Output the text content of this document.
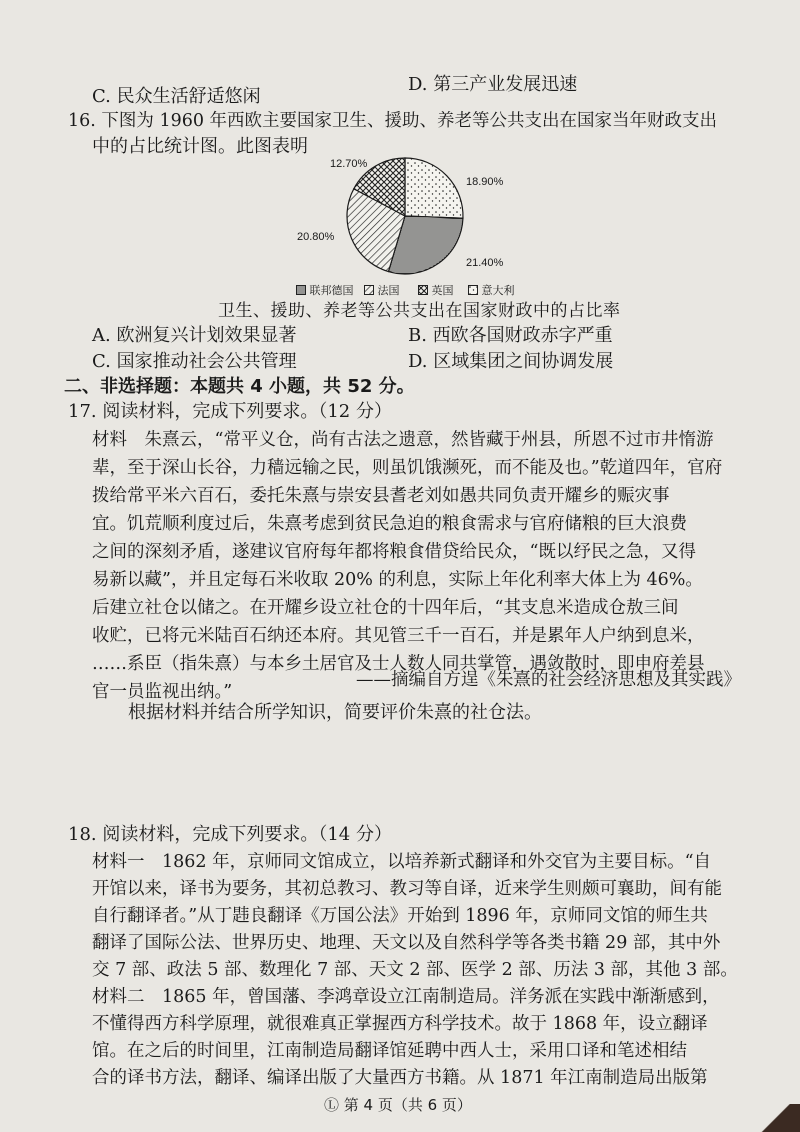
C. 民众生活舒适悠闲
D. 第三产业发展迅速
16. 下图为 1960 年西欧主要国家卫生、援助、养老等公共支出在国家当年财政支出
中的占比统计图。此图表明
18.90%
21.40%
20.80%
12.70%
联邦德国	法国	英国	意大利
卫生、援助、养老等公共支出在国家财政中的占比率
A. 欧洲复兴计划效果显著	B. 西欧各国财政赤字严重
C. 国家推动社会公共管理	D. 区域集团之间协调发展
二、非选择题：本题共 4 小题，共 52 分。
17. 阅读材料，完成下列要求。（12 分）
材料　朱熹云，“常平义仓，尚有古法之遗意，然皆藏于州县，所恩不过市井惰游
辈，至于深山长谷，力穑远输之民，则虽饥饿濒死，而不能及也。”乾道四年，官府
拨给常平米六百石，委托朱熹与崇安县耆老刘如愚共同负责开耀乡的赈灾事
宜。饥荒顺利度过后，朱熹考虑到贫民急迫的粮食需求与官府储粮的巨大浪费
之间的深刻矛盾，遂建议官府每年都将粮食借贷给民众，“既以纾民之急，又得
易新以藏”，并且定每石米收取 20% 的利息，实际上年化利率大体上为 46%。
后建立社仓以储之。在开耀乡设立社仓的十四年后，“其支息米造成仓敖三间
收贮，已将元米陆百石纳还本府。其见管三千一百石，并是累年人户纳到息米，
……系臣（指朱熹）与本乡土居官及士人数人同共掌管，遇敛散时，即申府差县
官一员监视出纳。”
——摘编自方逞《朱熹的社会经济思想及其实践》
根据材料并结合所学知识，简要评价朱熹的社仓法。
18. 阅读材料，完成下列要求。（14 分）
材料一　1862 年，京师同文馆成立，以培养新式翻译和外交官为主要目标。“自
开馆以来，译书为要务，其初总教习、教习等自译，近来学生则颇可襄助，间有能
自行翻译者。”从丁韪良翻译《万国公法》开始到 1896 年，京师同文馆的师生共
翻译了国际公法、世界历史、地理、天文以及自然科学等各类书籍 29 部，其中外
交 7 部、政法 5 部、数理化 7 部、天文 2 部、医学 2 部、历法 3 部，其他 3 部。
材料二　1865 年，曾国藩、李鸿章设立江南制造局。洋务派在实践中渐渐感到，
不懂得西方科学原理，就很难真正掌握西方科学技术。故于 1868 年，设立翻译
馆。在之后的时间里，江南制造局翻译馆延聘中西人士，采用口译和笔述相结
合的译书方法，翻译、编译出版了大量西方书籍。从 1871 年江南制造局出版第
Ⓛ 第 4 页（共 6 页）
